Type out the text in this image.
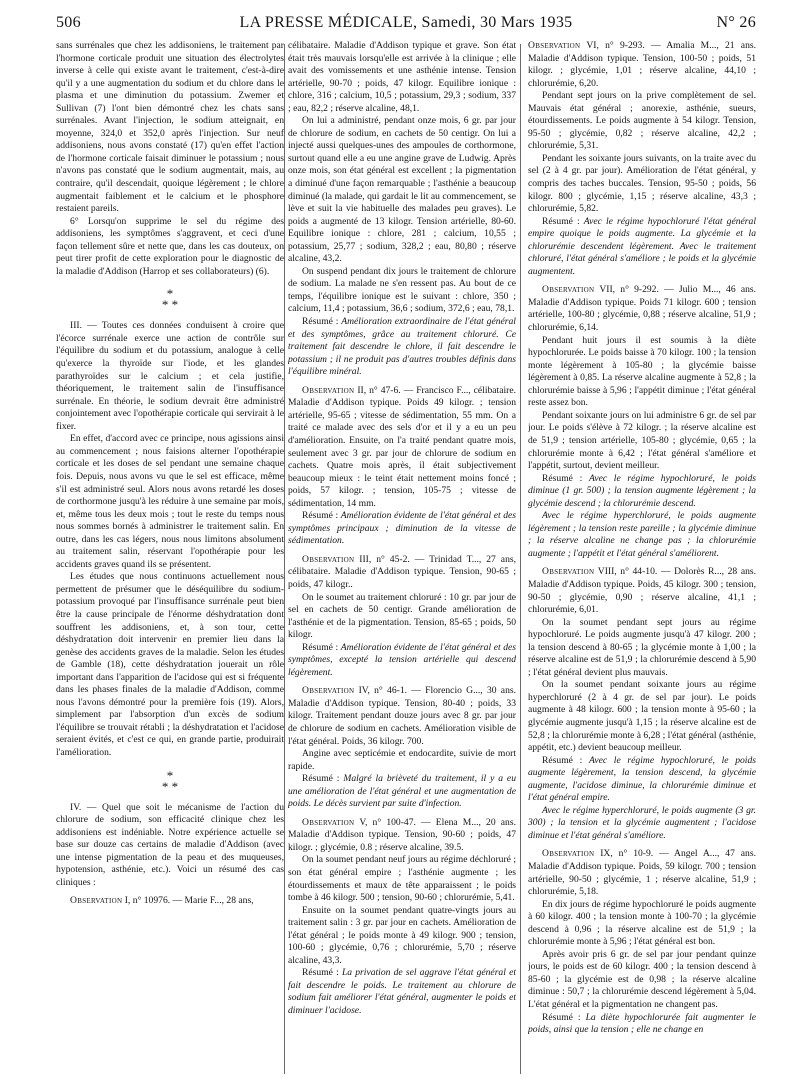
506	LA PRESSE MÉDICALE, Samedi, 30 Mars 1935	N° 26

sans surrénales que chez les addisoniens, le traitement par l'hormone corticale produit une situation des électrolytes inverse à celle qui existe avant le traitement, c'est-à-dire qu'il y a une augmentation du sodium et du chlore dans le plasma et une diminution du potassium. Zwemer et Sullivan (7) l'ont bien démontré chez les chats sans surrénales. Avant l'injection, le sodium atteignait, en moyenne, 324,0 et 352,0 après l'injection. Sur neuf addisoniens, nous avons constaté (17) qu'en effet l'action de l'hormone corticale faisait diminuer le potassium ; nous n'avons pas constaté que le sodium augmentait, mais, au contraire, qu'il descendait, quoique légèrement ; le chlore augmentait faiblement et le calcium et le phosphore restaient pareils.

6° Lorsqu'on supprime le sel du régime des addisoniens, les symptômes s'aggravent, et ceci d'une façon tellement sûre et nette que, dans les cas douteux, on peut tirer profit de cette exploration pour le diagnostic de la maladie d'Addison (Harrop et ses collaborateurs) (6).

*
* *

III. — Toutes ces données conduisent à croire que l'écorce surrénale exerce une action de contrôle sur l'équilibre du sodium et du potassium, analogue à celle qu'exerce la thyroïde sur l'iode, et les glandes parathyroïdes sur le calcium ; et cela justifie, théoriquement, le traitement salin de l'insuffisance surrénale. En théorie, le sodium devrait être administré conjointement avec l'opothérapie corticale qui servirait à le fixer.

En effet, d'accord avec ce principe, nous agissions ainsi au commencement ; nous faisions alterner l'opothérapie corticale et les doses de sel pendant une semaine chaque fois. Depuis, nous avons vu que le sel est efficace, même s'il est administré seul. Alors nous avons retardé les doses de corthormone jusqu'à les réduire à une semaine par mois, et, même tous les deux mois ; tout le reste du temps nous nous sommes bornés à administrer le traitement salin. En outre, dans les cas légers, nous nous limitons absolument au traitement salin, réservant l'opothérapie pour les accidents graves quand ils se présentent.

Les études que nous continuons actuellement nous permettent de présumer que le déséquilibre du sodium-potassium provoqué par l'insuffisance surrénale peut bien être la cause principale de l'énorme déshydratation dont souffrent les addisoniens, et, à son tour, cette déshydratation doit intervenir en premier lieu dans la genèse des accidents graves de la maladie. Selon les études de Gamble (18), cette déshydratation jouerait un rôle important dans l'apparition de l'acidose qui est si fréquente dans les phases finales de la maladie d'Addison, comme nous l'avons démontré pour la première fois (19). Alors, simplement par l'absorption d'un excès de sodium l'équilibre se trouvait rétabli ; la déshydratation et l'acidose seraient évités, et c'est ce qui, en grande partie, produirait l'amélioration.

*
* *

IV. — Quel que soit le mécanisme de l'action du chlorure de sodium, son efficacité clinique chez les addisoniens est indéniable. Notre expérience actuelle se base sur douze cas certains de maladie d'Addison (avec une intense pigmentation de la peau et des muqueuses, hypotension, asthénie, etc.). Voici un résumé des cas cliniques :

Observation I, n° 10976. — Marie F..., 28 ans,

célibataire. Maladie d'Addison typique et grave. Son état était très mauvais lorsqu'elle est arrivée à la clinique ; elle avait des vomissements et une asthénie intense. Tension artérielle, 90-70 ; poids, 47 kilogr. Equilibre ionique : chlore, 316 ; calcium, 10,5 ; potassium, 29,3 ; sodium, 337 ; eau, 82,2 ; réserve alcaline, 48,1.

On lui a administré, pendant onze mois, 6 gr. par jour de chlorure de sodium, en cachets de 50 centigr. On lui a injecté aussi quelques-unes des ampoules de corthormone, surtout quand elle a eu une angine grave de Ludwig. Après onze mois, son état général est excellent ; la pigmentation a diminué d'une façon remarquable ; l'asthénie a beaucoup diminué (la malade, qui gardait le lit au commencement, se lève et suit la vie habituelle des malades peu graves). Le poids a augmenté de 13 kilogr. Tension artérielle, 80-60. Equilibre ionique : chlore, 281 ; calcium, 10,55 ; potassium, 25,77 ; sodium, 328,2 ; eau, 80,80 ; réserve alcaline, 43,2.

On suspend pendant dix jours le traitement de chlorure de sodium. La malade ne s'en ressent pas. Au bout de ce temps, l'équilibre ionique est le suivant : chlore, 350 ; calcium, 11,4 ; potassium, 36,6 ; sodium, 372,6 ; eau, 78,1.

Résumé : Amélioration extraordinaire de l'état général et des symptômes, grâce au traitement chloruré. Ce traitement fait descendre le chlore, il fait descendre le potassium ; il ne produit pas d'autres troubles définis dans l'équilibre minéral.

Observation II, n° 47-6. — Francisco F..., célibataire. Maladie d'Addison typique. Poids 49 kilogr. ; tension artérielle, 95-65 ; vitesse de sédimentation, 55 mm. On a traité ce malade avec des sels d'or et il y a eu un peu d'amélioration. Ensuite, on l'a traité pendant quatre mois, seulement avec 3 gr. par jour de chlorure de sodium en cachets. Quatre mois après, il était subjectivement beaucoup mieux : le teint était nettement moins foncé ; poids, 57 kilogr. ; tension, 105-75 ; vitesse de sédimentation, 14 mm.

Résumé : Amélioration évidente de l'état général et des symptômes principaux ; diminution de la vitesse de sédimentation.

Observation III, n° 45-2. — Trinidad T..., 27 ans, célibataire. Maladie d'Addison typique. Tension, 90-65 ; poids, 47 kilogr..

On le soumet au traitement chloruré : 10 gr. par jour de sel en cachets de 50 centigr. Grande amélioration de l'asthénie et de la pigmentation. Tension, 85-65 ; poids, 50 kilogr.

Résumé : Amélioration évidente de l'état général et des symptômes, excepté la tension artérielle qui descend légèrement.

Observation IV, n° 46-1. — Florencio G..., 30 ans. Maladie d'Addison typique. Tension, 80-40 ; poids, 33 kilogr. Traitement pendant douze jours avec 8 gr. par jour de chlorure de sodium en cachets. Amélioration visible de l'état général. Poids, 36 kilogr. 700.

Angine avec septicémie et endocardite, suivie de mort rapide.

Résumé : Malgré la brièveté du traitement, il y a eu une amélioration de l'état général et une augmentation de poids. Le décès survient par suite d'infection.

Observation V, n° 100-47. — Elena M..., 20 ans. Maladie d'Addison typique. Tension, 90-60 ; poids, 47 kilogr. ; glycémie, 0.8 ; réserve alcaline, 39.5.

On la soumet pendant neuf jours au régime déchloruré ; son état général empire ; l'asthénie augmente ; les étourdissements et maux de tête apparaissent ; le poids tombe à 46 kilogr. 500 ; tension, 90-60 ; chlorurémie, 5,41.

Ensuite on la soumet pendant quatre-vingts jours au traitement salin : 3 gr. par jour en cachets. Amélioration de l'état général ; le poids monte à 49 kilogr. 900 ; tension, 100-60 ; glycémie, 0,76 ; chlorurémie, 5,70 ; réserve alcaline, 43,3.

Résumé : La privation de sel aggrave l'état général et fait descendre le poids. Le traitement au chlorure de sodium fait améliorer l'état général, augmenter le poids et diminuer l'acidose.

Observation VI, n° 9-293. — Amalia M..., 21 ans. Maladie d'Addison typique. Tension, 100-50 ; poids, 51 kilogr. ; glycémie, 1,01 ; réserve alcaline, 44,10 ; chlorurémie, 6,20.

Pendant sept jours on la prive complètement de sel. Mauvais état général ; anorexie, asthénie, sueurs, étourdissements. Le poids augmente à 54 kilogr. Tension, 95-50 ; glycémie, 0,82 ; réserve alcaline, 42,2 ; chlorurémie, 5,31.

Pendant les soixante jours suivants, on la traite avec du sel (2 à 4 gr. par jour). Amélioration de l'état général, y compris des taches buccales. Tension, 95-50 ; poids, 56 kilogr. 800 ; glycémie, 1,15 ; réserve alcaline, 43,3 ; chlorurémie, 5,82.

Résumé : Avec le régime hypochloruré l'état général empire quoique le poids augmente. La glycémie et la chlorurémie descendent légèrement. Avec le traitement chloruré, l'état général s'améliore ; le poids et la glycémie augmentent.

Observation VII, n° 9-292. — Julio M..., 46 ans. Maladie d'Addison typique. Poids 71 kilogr. 600 ; tension artérielle, 100-80 ; glycémie, 0,88 ; réserve alcaline, 51,9 ; chlorurémie, 6,14.

Pendant huit jours il est soumis à la diète hypochlorurée. Le poids baisse à 70 kilogr. 100 ; la tension monte légèrement à 105-80 ; la glycémie baisse légèrement à 0,85. La réserve alcaline augmente à 52,8 ; la chlorurémie baisse à 5,96 ; l'appétit diminue ; l'état général reste assez bon.

Pendant soixante jours on lui administre 6 gr. de sel par jour. Le poids s'élève à 72 kilogr. ; la réserve alcaline est de 51,9 ; tension artérielle, 105-80 ; glycémie, 0,65 ; la chlorurémie monte à 6,42 ; l'état général s'améliore et l'appétit, surtout, devient meilleur.

Résumé : Avec le régime hypochloruré, le poids diminue (1 gr. 500) ; la tension augmente légèrement ; la glycémie descend ; la chlorurémie descend.

Avec le régime hyperchloruré, le poids augmente légèrement ; la tension reste pareille ; la glycémie diminue ; la réserve alcaline ne change pas ; la chlorurémie augmente ; l'appétit et l'état général s'améliorent.

Observation VIII, n° 44-10. — Dolorès R..., 28 ans. Maladie d'Addison typique. Poids, 45 kilogr. 300 ; tension, 90-50 ; glycémie, 0,90 ; réserve alcaline, 41,1 ; chlorurémie, 6,01.

On la soumet pendant sept jours au régime hypochloruré. Le poids augmente jusqu'à 47 kilogr. 200 ; la tension descend à 80-65 ; la glycémie monte à 1,00 ; la réserve alcaline est de 51,9 ; la chlorurémie descend à 5,90 ; l'état général devient plus mauvais.

On la soumet pendant soixante jours au régime hyperchloruré (2 à 4 gr. de sel par jour). Le poids augmente à 48 kilogr. 600 ; la tension monte à 95-60 ; la glycémie augmente jusqu'à 1,15 ; la réserve alcaline est de 52,8 ; la chlorurémie monte à 6,28 ; l'état général (asthénie, appétit, etc.) devient beaucoup meilleur.

Résumé : Avec le régime hypochloruré, le poids augmente légèrement, la tension descend, la glycémie augmente, l'acidose diminue, la chlorurémie diminue et l'état général empire.

Avec le régime hyperchloruré, le poids augmente (3 gr. 300) ; la tension et la glycémie augmentent ; l'acidose diminue et l'état général s'améliore.

Observation IX, n° 10-9. — Angel A..., 47 ans. Maladie d'Addison typique. Poids, 59 kilogr. 700 ; tension artérielle, 90-50 ; glycémie, 1 ; réserve alcaline, 51,9 ; chlorurémie, 5,18.

En dix jours de régime hypochloruré le poids augmente à 60 kilogr. 400 ; la tension monte à 100-70 ; la glycémie descend à 0,96 ; la réserve alcaline est de 51,9 ; la chlorurémie monte à 5,96 ; l'état général est bon.

Après avoir pris 6 gr. de sel par jour pendant quinze jours, le poids est de 60 kilogr. 400 ; la tension descend à 85-60 ; la glycémie est de 0,98 ; la réserve alcaline diminue : 50,7 ; la chlorurémie descend légèrement à 5,04. L'état général et la pigmentation ne changent pas.

Résumé : La diète hypochlorurée fait augmenter le poids, ainsi que la tension ; elle ne change en
